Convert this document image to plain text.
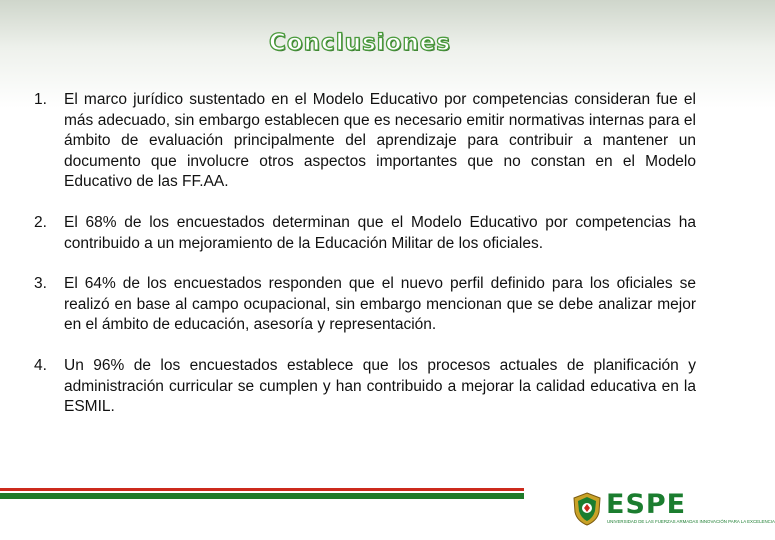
Conclusiones
1. El marco jurídico sustentado en el Modelo Educativo por competencias consideran fue el más adecuado, sin embargo establecen que es necesario emitir normativas internas para el ámbito de evaluación principalmente del aprendizaje para contribuir a mantener un documento que involucre otros aspectos importantes que no constan en el Modelo Educativo de las FF.AA.
2. El 68% de los encuestados determinan que el Modelo Educativo por competencias ha contribuido a un mejoramiento de la Educación Militar de los oficiales.
3. El 64% de los encuestados responden que el nuevo perfil definido para los oficiales se realizó en base al campo ocupacional, sin embargo mencionan que se debe analizar mejor en el ámbito de educación, asesoría y representación.
4. Un 96% de los encuestados establece que los procesos actuales de planificación y administración curricular se cumplen y han contribuido a mejorar la calidad educativa en la ESMIL.
ESPE
UNIVERSIDAD DE LAS FUERZAS ARMADAS INNOVACIÓN PARA LA EXCELENCIA
